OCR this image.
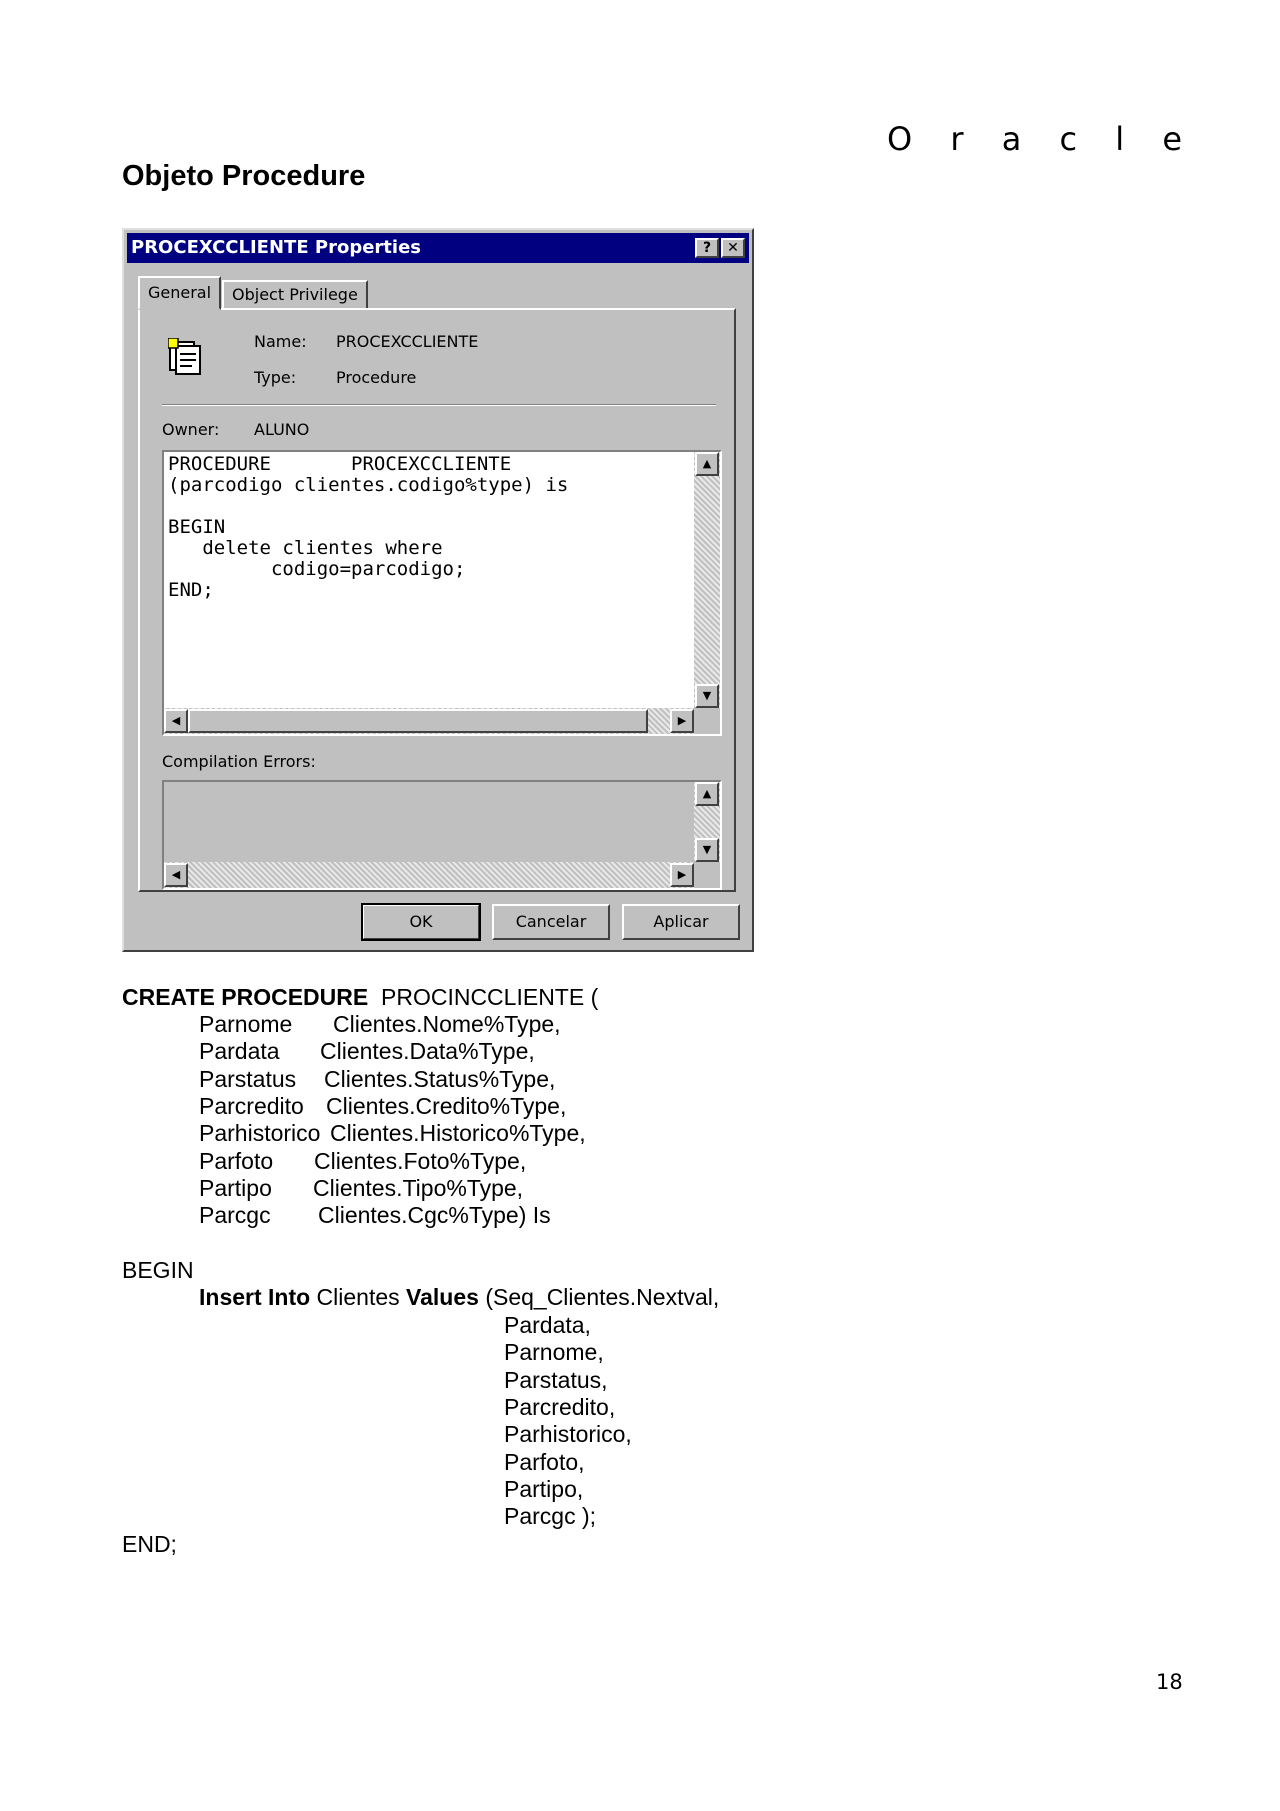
O r a c l e
Objeto Procedure
PROCEXCCLIENTE Properties	?	✕
General	Object Privilege
Name: PROCEXCCLIENTE
Type: Procedure
Owner: ALUNO
PROCEDURE       PROCEXCCLIENTE
(parcodigo clientes.codigo%type) is

BEGIN
delete clientes where
codigo=parcodigo;
END;
▲
▼
◀	▶
Compilation Errors:
▲
▼
◀	▶
OK	Cancelar	Aplicar
CREATE PROCEDURE  PROCINCCLIENTE (
Parnome Clientes.Nome%Type,
Pardata Clientes.Data%Type,
Parstatus Clientes.Status%Type,
Parcredito Clientes.Credito%Type,
Parhistorico Clientes.Historico%Type,
Parfoto Clientes.Foto%Type,
Partipo Clientes.Tipo%Type,
Parcgc Clientes.Cgc%Type) Is
BEGIN
Insert Into Clientes Values (Seq_Clientes.Nextval,
Pardata,
Parnome,
Parstatus,
Parcredito,
Parhistorico,
Parfoto,
Partipo,
Parcgc );
END;
18
